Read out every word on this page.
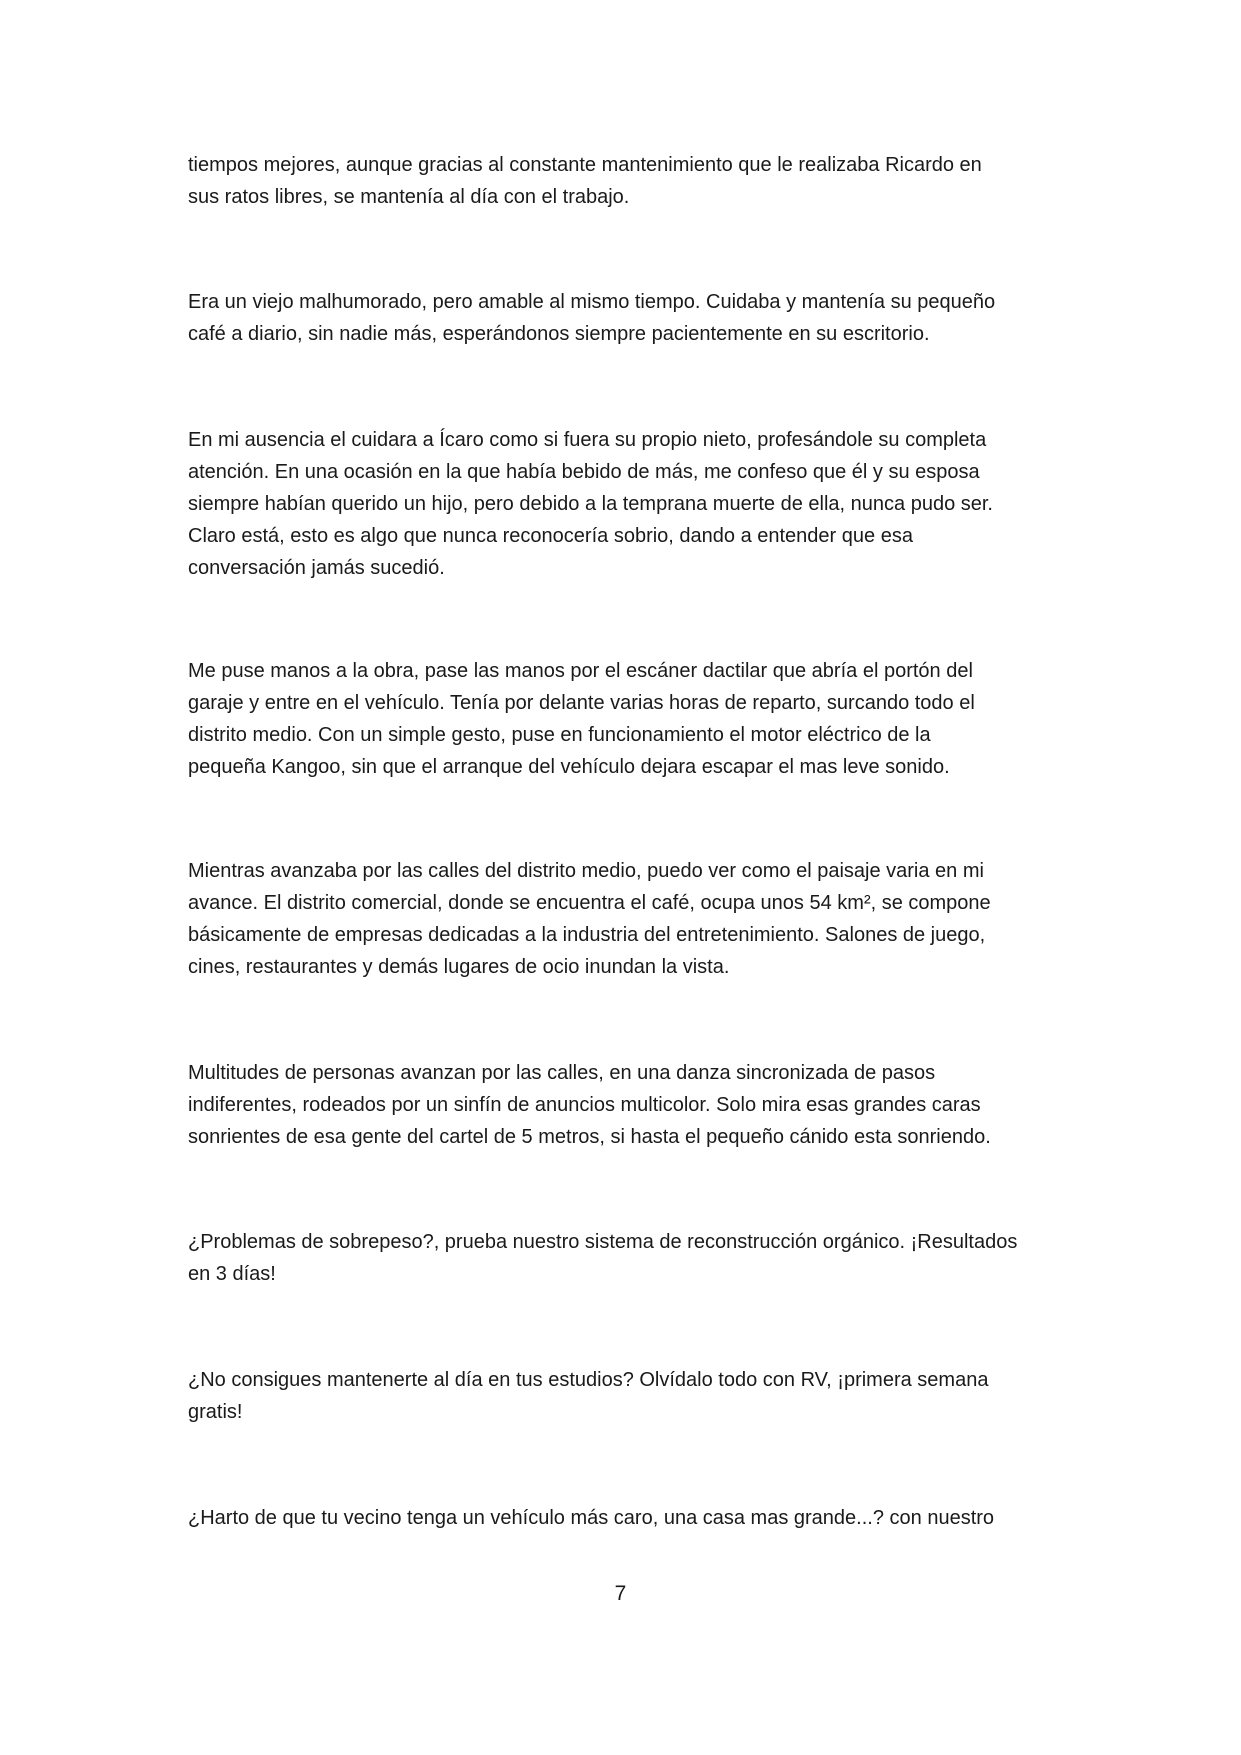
tiempos mejores, aunque gracias al constante mantenimiento que le realizaba Ricardo en
sus ratos libres, se mantenía al día con el trabajo.

Era un viejo malhumorado, pero amable al mismo tiempo. Cuidaba y mantenía su pequeño
café a diario, sin nadie más, esperándonos siempre pacientemente en su escritorio.

En mi ausencia el cuidara a Ícaro como si fuera su propio nieto, profesándole su completa
atención. En una ocasión en la que había bebido de más, me confeso que él y su esposa
siempre habían querido un hijo, pero debido a la temprana muerte de ella, nunca pudo ser.
Claro está, esto es algo que nunca reconocería sobrio, dando a entender que esa
conversación jamás sucedió.

Me puse manos a la obra, pase las manos por el escáner dactilar que abría el portón del
garaje y entre en el vehículo. Tenía por delante varias horas de reparto, surcando todo el
distrito medio. Con un simple gesto, puse en funcionamiento el motor eléctrico de la
pequeña Kangoo, sin que el arranque del vehículo dejara escapar el mas leve sonido.

Mientras avanzaba por las calles del distrito medio, puedo ver como el paisaje varia en mi
avance. El distrito comercial, donde se encuentra el café, ocupa unos 54 km², se compone
básicamente de empresas dedicadas a la industria del entretenimiento. Salones de juego,
cines, restaurantes y demás lugares de ocio inundan la vista.

Multitudes de personas avanzan por las calles, en una danza sincronizada de pasos
indiferentes, rodeados por un sinfín de anuncios multicolor. Solo mira esas grandes caras
sonrientes de esa gente del cartel de 5 metros, si hasta el pequeño cánido esta sonriendo.

¿Problemas de sobrepeso?, prueba nuestro sistema de reconstrucción orgánico. ¡Resultados
en 3 días!

¿No consigues mantenerte al día en tus estudios? Olvídalo todo con RV, ¡primera semana
gratis!

¿Harto de que tu vecino tenga un vehículo más caro, una casa mas grande...? con nuestro

7
